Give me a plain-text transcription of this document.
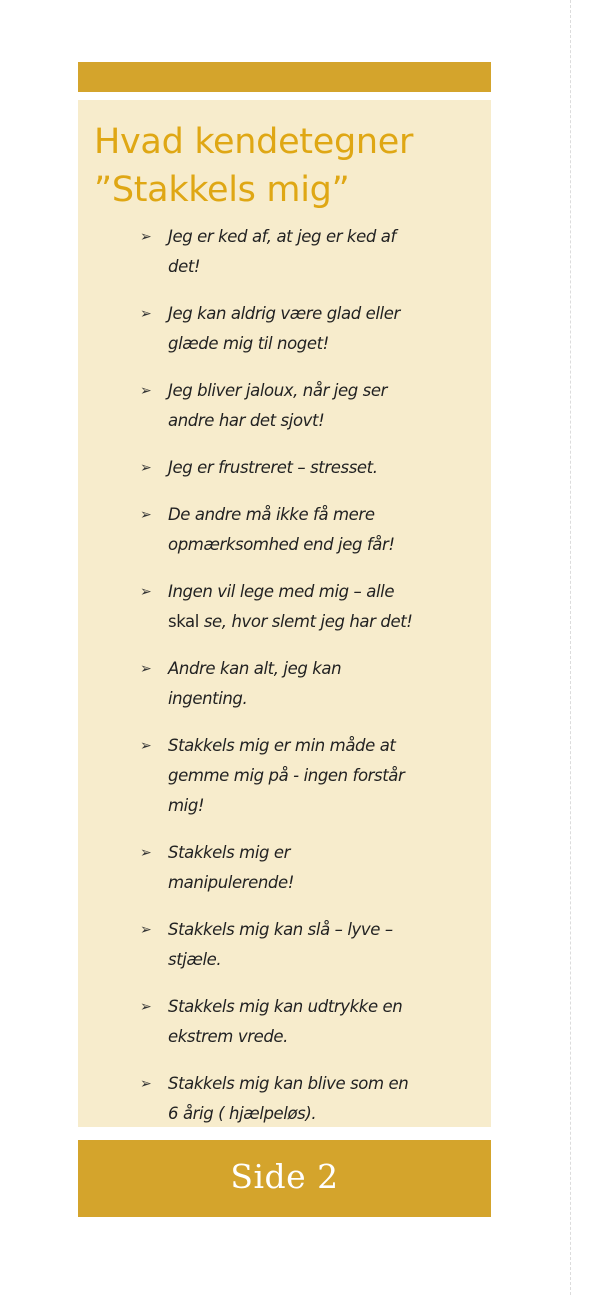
Hvad kendetegner
”Stakkels mig”
➢ Jeg er ked af, at jeg er ked af
det!
➢ Jeg kan aldrig være glad eller
glæde mig til noget!
➢ Jeg bliver jaloux, når jeg ser
andre har det sjovt!
➢ Jeg er frustreret – stresset.
➢ De andre må ikke få mere
opmærksomhed end jeg får!
➢ Ingen vil lege med mig – alle
skal se, hvor slemt jeg har det!
➢ Andre kan alt, jeg kan
ingenting.
➢ Stakkels mig er min måde at
gemme mig på - ingen forstår
mig!
➢ Stakkels mig er
manipulerende!
➢ Stakkels mig kan slå – lyve –
stjæle.
➢ Stakkels mig kan udtrykke en
ekstrem vrede.
➢ Stakkels mig kan blive som en
6 årig ( hjælpeløs).
Side 2
